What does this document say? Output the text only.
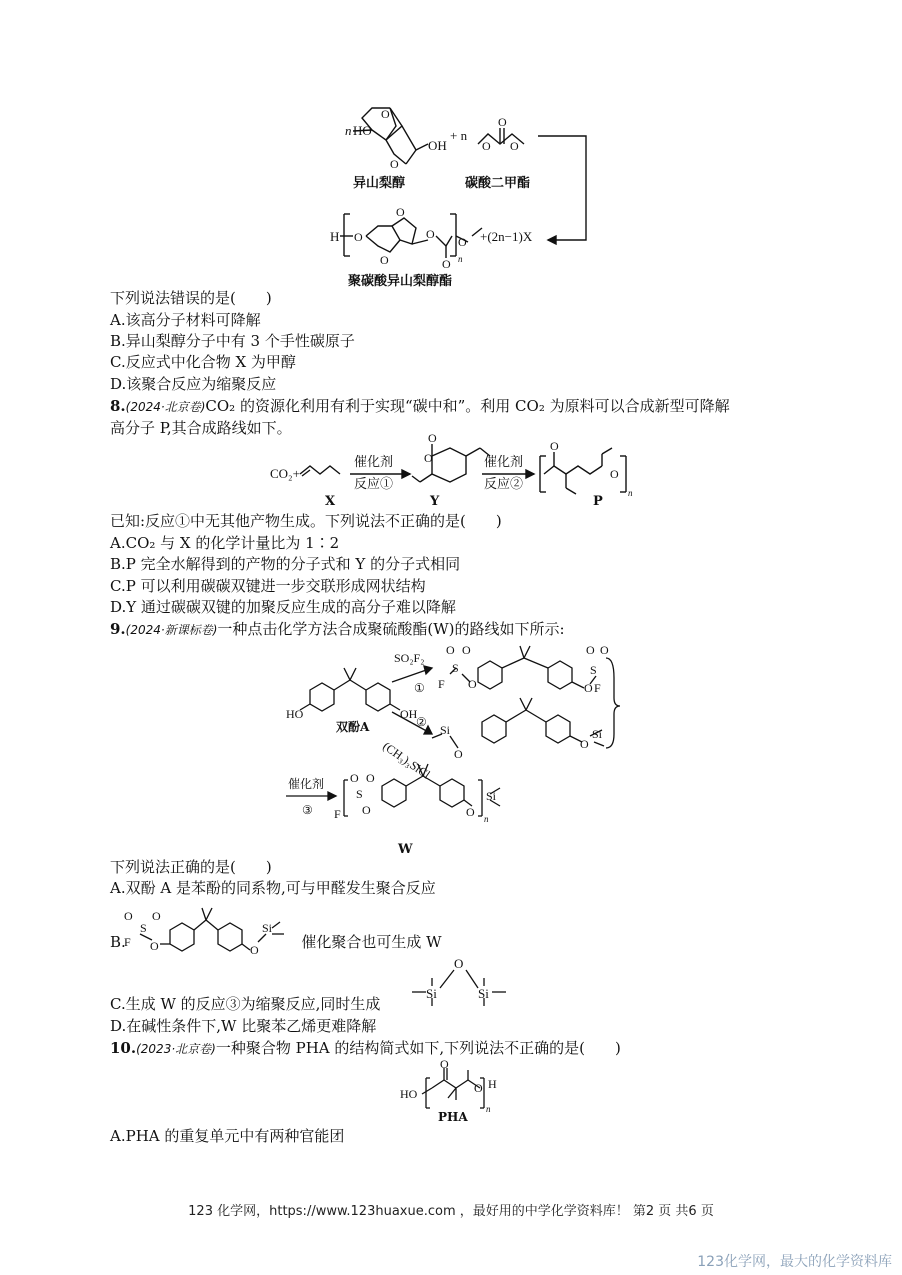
n HO
OH
+ n
O
O
O O
O
H O
O
O
O
O
O n
+(2n−1)X
异山梨醇	碳酸二甲酯
聚碳酸异山梨醇酯
下列说法错误的是(　　)
A.该高分子材料可降解
B.异山梨醇分子中有 3 个手性碳原子
C.反应式中化合物 X 为甲醇
D.该聚合反应为缩聚反应
8.(2024·北京卷)CO₂ 的资源化利用有利于实现“碳中和”。利用 CO₂ 为原料可以合成新型可降解
高分子 P,其合成路线如下。
CO₂+
催化剂
反应①
O
O	催化剂
反应②
O
O
n
X	Y	P
已知:反应①中无其他产物生成。下列说法不正确的是(　　)
A.CO₂ 与 X 的化学计量比为 1∶2
B.P 完全水解得到的产物的分子式和 Y 的分子式相同
C.P 可以利用碳碳双键进一步交联形成网状结构
D.Y 通过碳碳双键的加聚反应生成的高分子难以降解
9.(2024·新课标卷)一种点击化学方法合成聚硫酸酯(W)的路线如下所示:
HO	OH
SO₂F₂
①
(CH₃)₃SiCl
②
O
S
O
F O	O
O
S
O
F
Si
O
O
Si
催化剂
③ F
O
S
O
O	O n
Si
双酚A
W
下列说法正确的是(　　)
A.双酚 A 是苯酚的同系物,可与甲醛发生聚合反应
B.	催化聚合也可生成 W
O
S
O
F O	O
Si
C.生成 W 的反应③为缩聚反应,同时生成
O
Si	Si
D.在碱性条件下,W 比聚苯乙烯更难降解
10.(2023·北京卷)一种聚合物 PHA 的结构简式如下,下列说法不正确的是(　　)
HO
O
O
n
H
PHA
A.PHA 的重复单元中有两种官能团
123 化学网，https://www.123huaxue.com ，最好用的中学化学资料库！ 第2 页 共6 页
123化学网，最大的化学资料库
